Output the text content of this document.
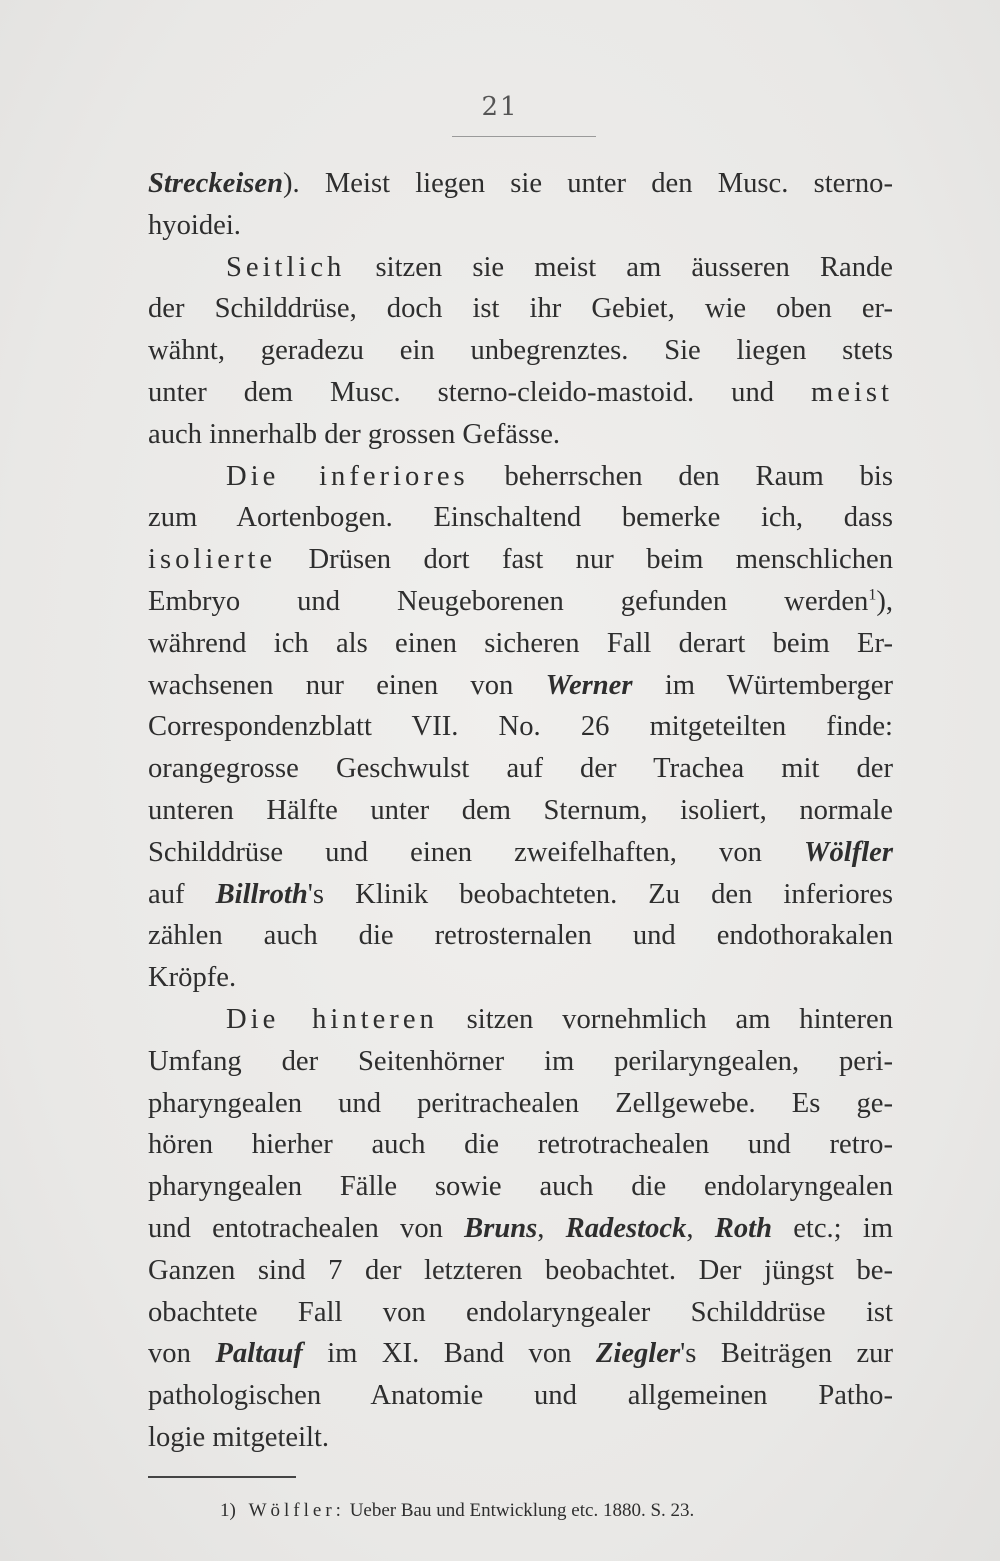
21
Streckeisen). Meist liegen sie unter den Musc. sterno-
hyoidei.
Seitlich sitzen sie meist am äusseren Rande
der Schilddrüse, doch ist ihr Gebiet, wie oben er-
wähnt, geradezu ein unbegrenztes. Sie liegen stets
unter dem Musc. sterno-cleido-mastoid. und meist
auch innerhalb der grossen Gefässe.
Die inferiores beherrschen den Raum bis
zum Aortenbogen. Einschaltend bemerke ich, dass
isolierte Drüsen dort fast nur beim menschlichen
Embryo und Neugeborenen gefunden werden$^1$),
während ich als einen sicheren Fall derart beim Er-
wachsenen nur einen von Werner im Würtemberger
Correspondenzblatt VII. No. 26 mitgeteilten finde:
orangegrosse Geschwulst auf der Trachea mit der
unteren Hälfte unter dem Sternum, isoliert, normale
Schilddrüse und einen zweifelhaften, von Wölfler
auf Billroth's Klinik beobachteten. Zu den inferiores
zählen auch die retrosternalen und endothorakalen
Kröpfe.
Die hinteren sitzen vornehmlich am hinteren
Umfang der Seitenhörner im perilaryngealen, peri-
pharyngealen und peritrachealen Zellgewebe. Es ge-
hören hierher auch die retrotrachealen und retro-
pharyngealen Fälle sowie auch die endolaryngealen
und entotrachealen von Bruns, Radestock, Roth etc.; im
Ganzen sind 7 der letzteren beobachtet. Der jüngst be-
obachtete Fall von endolaryngealer Schilddrüse ist
von Paltauf im XI. Band von Ziegler's Beiträgen zur
pathologischen Anatomie und allgemeinen Patho-
logie mitgeteilt.
1) Wölfler: Ueber Bau und Entwicklung etc. 1880. S. 23.
